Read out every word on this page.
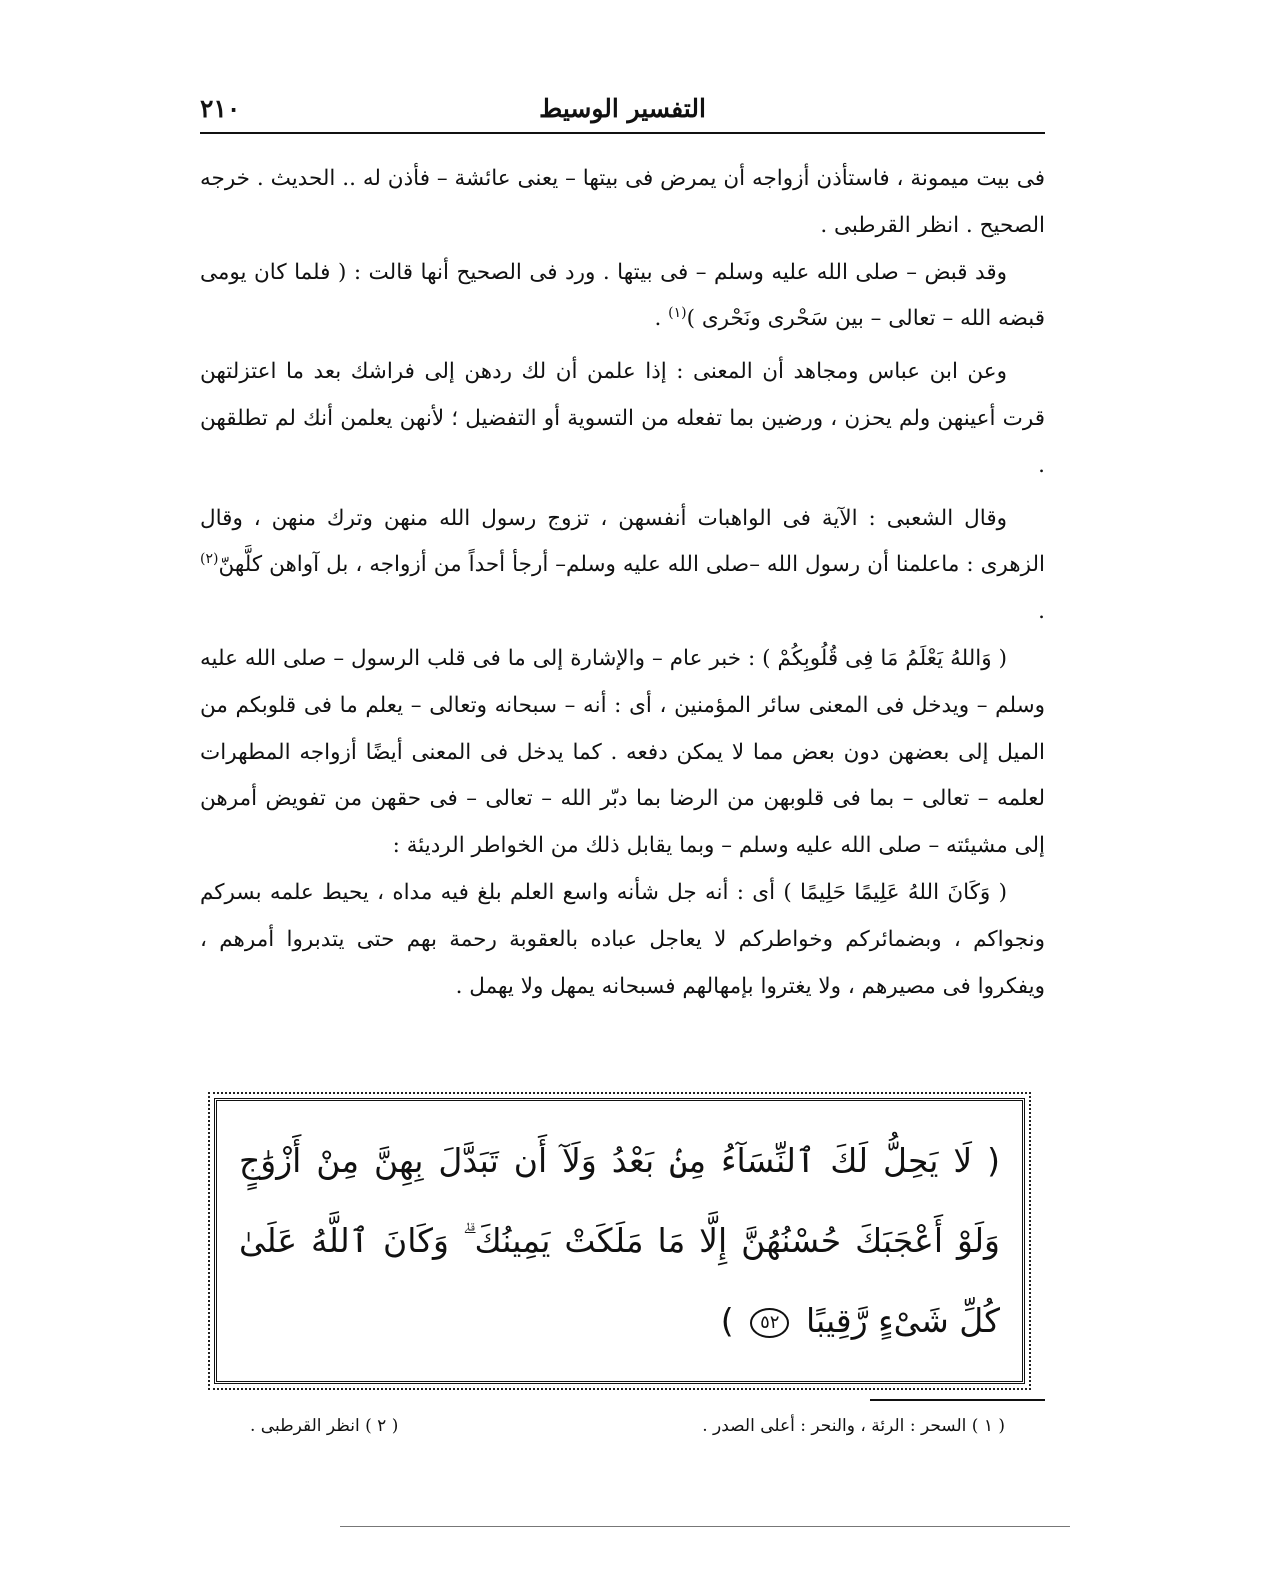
التفسير الوسيط
٢١٠

فى بيت ميمونة ، فاستأذن أزواجه أن يمرض فى بيتها – يعنى عائشة – فأذن له .. الحديث . خرجه الصحيح . انظر القرطبى .

وقد قبض – صلى الله عليه وسلم – فى بيتها . ورد فى الصحيح أنها قالت : ( فلما كان يومى قبضه الله – تعالى – بين سَحْرى ونَحْرى )$^{(١)}$ .

وعن ابن عباس ومجاهد أن المعنى : إذا علمن أن لك ردهن إلى فراشك بعد ما اعتزلتهن قرت أعينهن ولم يحزن ، ورضين بما تفعله من التسوية أو التفضيل ؛ لأنهن يعلمن أنك لم تطلقهن .

وقال الشعبى : الآية فى الواهبات أنفسهن ، تزوج رسول الله منهن وترك منهن ، وقال الزهرى : ماعلمنا أن رسول الله –صلى الله عليه وسلم– أرجأ أحداً من أزواجه ، بل آواهن كلَّهنّ$^{(٢)}$ .

( وَاللهُ يَعْلَمُ مَا فِى قُلُوبِكُمْ ) : خبر عام – والإشارة إلى ما فى قلب الرسول – صلى الله عليه وسلم – ويدخل فى المعنى سائر المؤمنين ، أى : أنه – سبحانه وتعالى – يعلم ما فى قلوبكم من الميل إلى بعضهن دون بعض مما لا يمكن دفعه . كما يدخل فى المعنى أيضًا أزواجه المطهرات لعلمه – تعالى – بما فى قلوبهن من الرضا بما دبّر الله – تعالى – فى حقهن من تفويض أمرهن إلى مشيئته – صلى الله عليه وسلم – وبما يقابل ذلك من الخواطر الرديئة :

( وَكَانَ اللهُ عَلِيمًا حَلِيمًا ) أى : أنه جل شأنه واسع العلم بلغ فيه مداه ، يحيط علمه بسركم ونجواكم ، وبضمائركم وخواطركم لا يعاجل عباده بالعقوبة رحمة بهم حتى يتدبروا أمرهم ، ويفكروا فى مصيرهم ، ولا يغتروا بإمهالهم فسبحانه يمهل ولا يهمل .

( لَا يَحِلُّ لَكَ ٱلنِّسَآءُ مِنۢ بَعْدُ وَلَآ أَن تَبَدَّلَ بِهِنَّ مِنْ أَزْوَٰجٍ وَلَوْ أَعْجَبَكَ حُسْنُهُنَّ إِلَّا مَا مَلَكَتْ يَمِينُكَ ۗ وَكَانَ ٱللَّهُ عَلَىٰ كُلِّ شَىْءٍ رَّقِيبًا ٥٢ )
( ١ ) السحر : الرئة ، والنحر : أعلى الصدر .
( ٢ ) انظر القرطبى .
